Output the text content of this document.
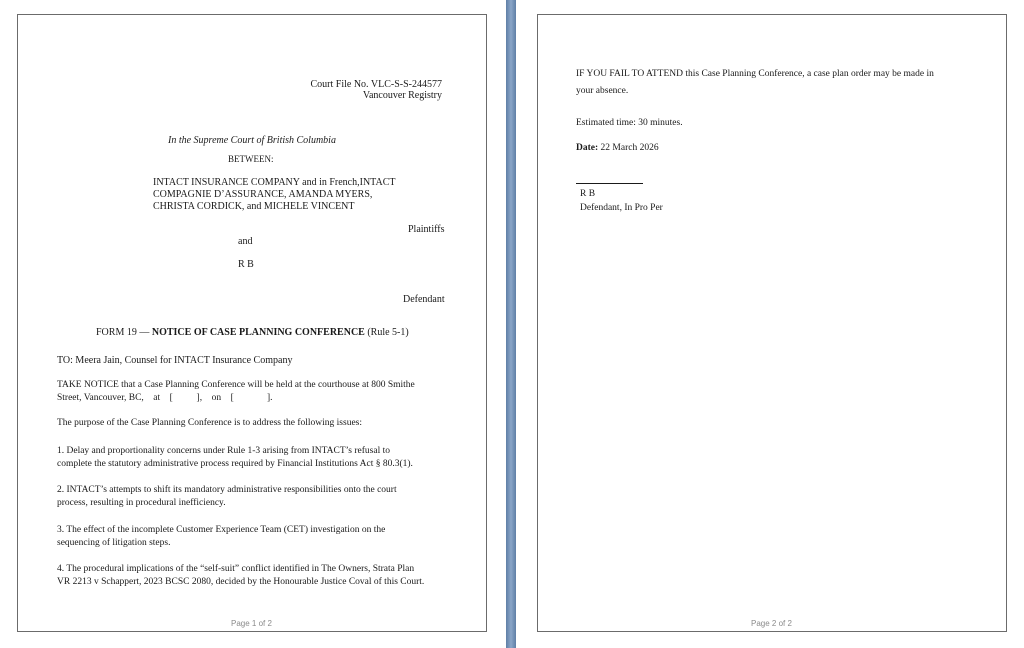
Court File No. VLC-S-S-244577
Vancouver Registry
In the Supreme Court of British Columbia
BETWEEN:
INTACT INSURANCE COMPANY and in French,INTACT
COMPAGNIE D’ASSURANCE, AMANDA MYERS,
CHRISTA CORDICK, and MICHELE VINCENT
Plaintiffs
and
R B
Defendant
FORM 19 — NOTICE OF CASE PLANNING CONFERENCE (Rule 5-1)
TO: Meera Jain, Counsel for INTACT Insurance Company
TAKE NOTICE that a Case Planning Conference will be held at the courthouse at 800 Smithe
Street, Vancouver, BC,    at    [          ],    on    [              ].
The purpose of the Case Planning Conference is to address the following issues:
1. Delay and proportionality concerns under Rule 1-3 arising from INTACT’s refusal to
complete the statutory administrative process required by Financial Institutions Act § 80.3(1).
2. INTACT’s attempts to shift its mandatory administrative responsibilities onto the court
process, resulting in procedural inefficiency.
3. The effect of the incomplete Customer Experience Team (CET) investigation on the
sequencing of litigation steps.
4. The procedural implications of the “self-suit” conflict identified in The Owners, Strata Plan
VR 2213 v Schappert, 2023 BCSC 2080, decided by the Honourable Justice Coval of this Court.
Page 1 of 2
IF YOU FAIL TO ATTEND this Case Planning Conference, a case plan order may be made in
your absence.
Estimated time: 30 minutes.
Date: 22 March 2026
R B
Defendant, In Pro Per
Page 2 of 2
